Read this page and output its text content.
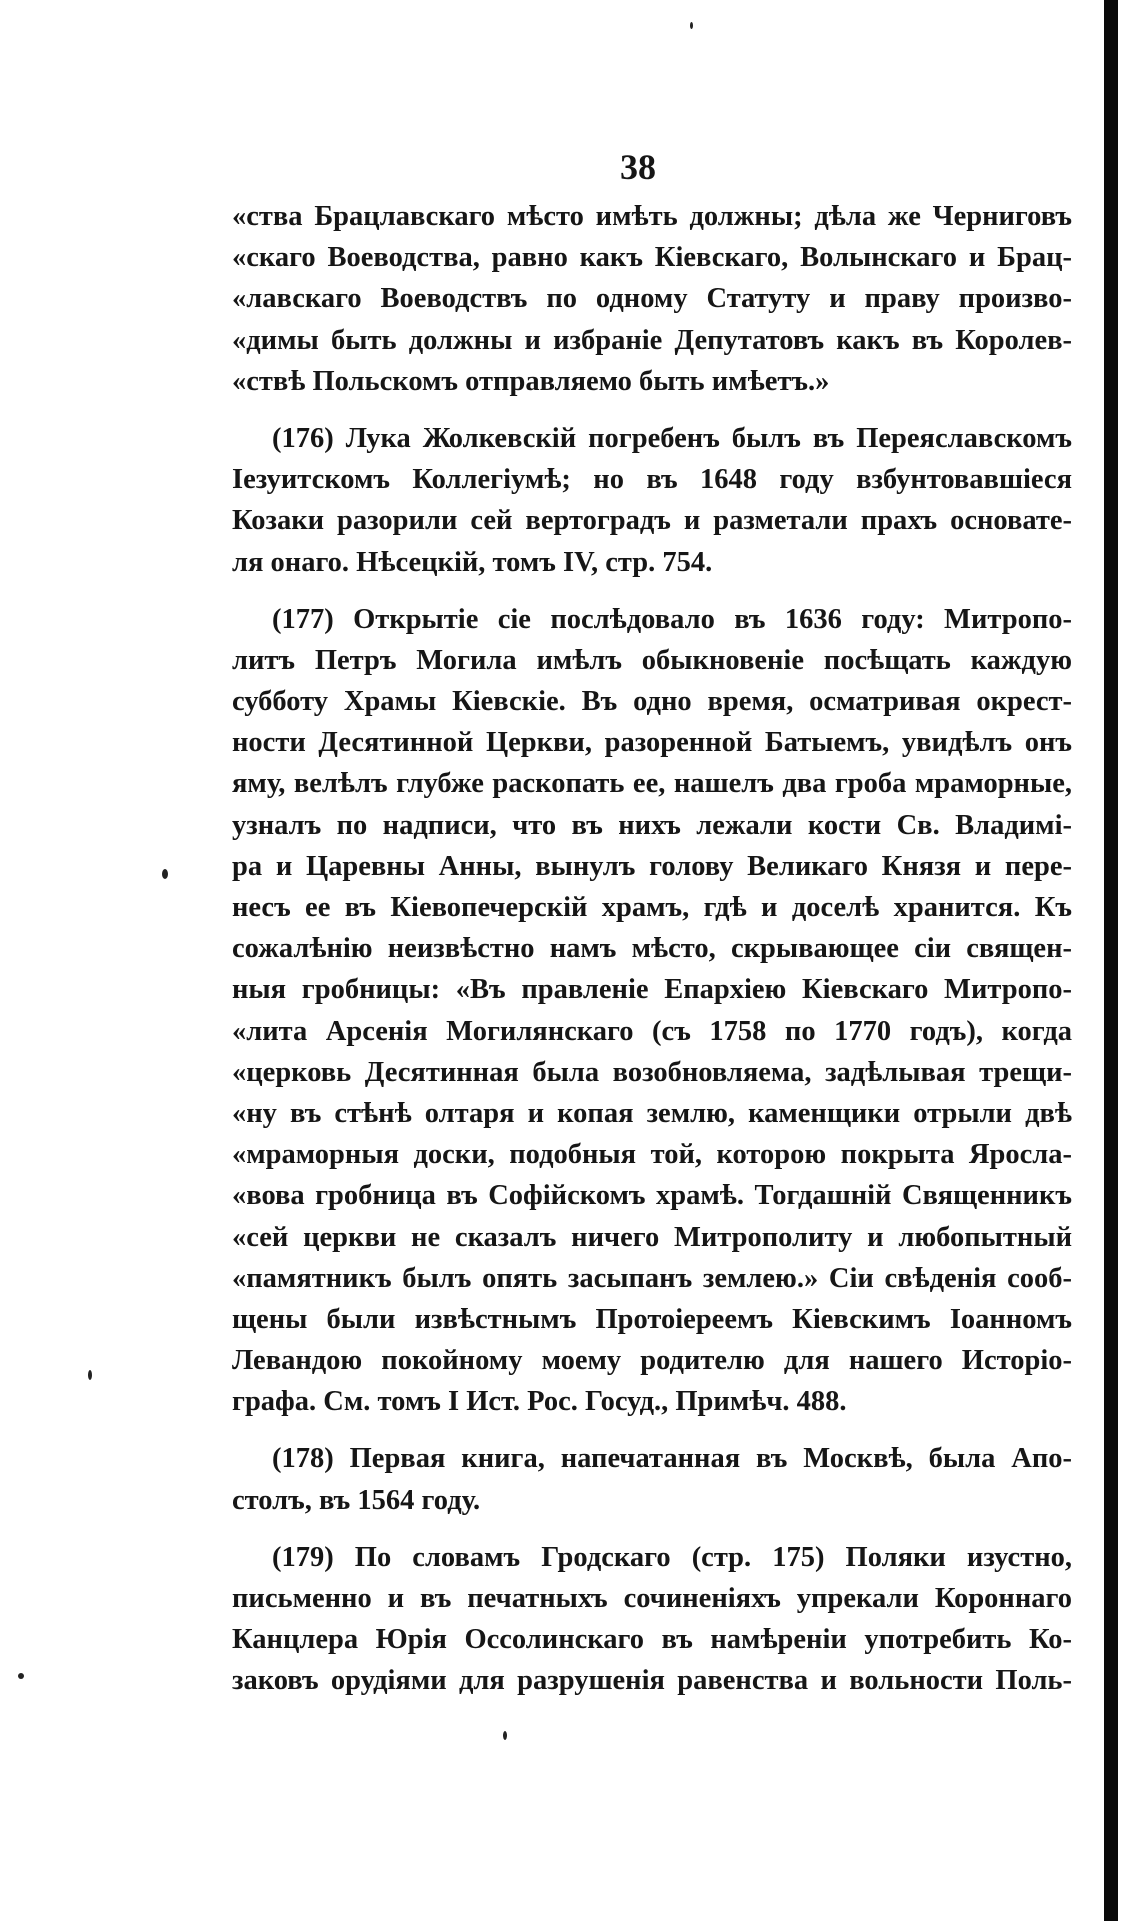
38
«ства Брацлавскаго мѣсто имѣть должны; дѣла же Черниговъ
«скаго Воеводства, равно какъ Кіевскаго, Волынскаго и Брац-
«лавскаго Воеводствъ по одному Статуту и праву произво-
«димы быть должны и избраніе Депутатовъ какъ въ Королев-
«ствѣ Польскомъ отправляемо быть имѣетъ.»
(176) Лука Жолкевскій погребенъ былъ въ Переяславскомъ
Іезуитскомъ Коллегіумѣ; но въ 1648 году взбунтовавшіеся
Козаки разорили сей вертоградъ и разметали прахъ основате-
ля онаго. Нѣсецкій, томъ IV, стр. 754.
(177) Открытіе сіе послѣдовало въ 1636 году: Митропо-
литъ Петръ Могила имѣлъ обыкновеніе посѣщать каждую
субботу Храмы Кіевскіе. Въ одно время, осматривая окрест-
ности Десятинной Церкви, разоренной Батыемъ, увидѣлъ онъ
яму, велѣлъ глубже раскопать ее, нашелъ два гроба мраморные,
узналъ по надписи, что въ нихъ лежали кости Св. Владимі-
ра и Царевны Анны, вынулъ голову Великаго Князя и пере-
несъ ее въ Кіевопечерскій храмъ, гдѣ и доселѣ хранится. Къ
сожалѣнію неизвѣстно намъ мѣсто, скрывающее сіи священ-
ныя гробницы: «Въ правленіе Епархіею Кіевскаго Митропо-
«лита Арсенія Могилянскаго (съ 1758 по 1770 годъ), когда
«церковь Десятинная была возобновляема, задѣлывая трещи-
«ну въ стѣнѣ олтаря и копая землю, каменщики отрыли двѣ
«мраморныя доски, подобныя той, которою покрыта Яросла-
«вова гробница въ Софійскомъ храмѣ. Тогдашній Священникъ
«сей церкви не сказалъ ничего Митрополиту и любопытный
«памятникъ былъ опять засыпанъ землею.» Сіи свѣденія сооб-
щены были извѣстнымъ Протоіереемъ Кіевскимъ Іоанномъ
Левандою покойному моему родителю для нашего Исторіо-
графа. См. томъ I Ист. Рос. Госуд., Примѣч. 488.
(178) Первая книга, напечатанная въ Москвѣ, была Апо-
столъ, въ 1564 году.
(179) По словамъ Гродскаго (стр. 175) Поляки изустно,
письменно и въ печатныхъ сочиненіяхъ упрекали Короннаго
Канцлера Юрія Оссолинскаго въ намѣреніи употребить Ко-
заковъ орудіями для разрушенія равенства и вольности Поль-
